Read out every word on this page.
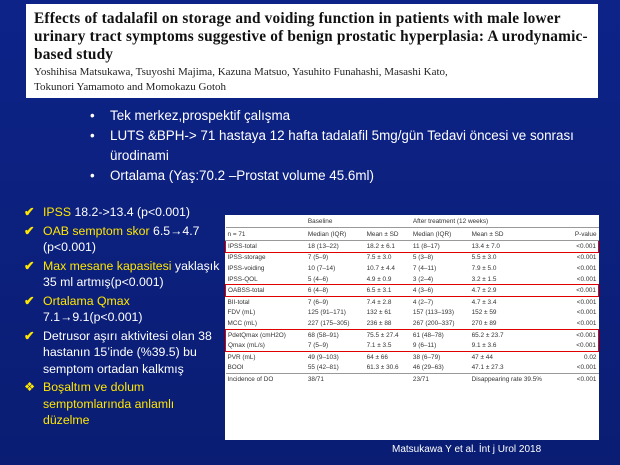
Effects of tadalafil on storage and voiding function in patients with male lower urinary tract symptoms suggestive of benign prostatic hyperplasia: A urodynamic-based study
Yoshihisa Matsukawa, Tsuyoshi Majima, Kazuna Matsuo, Yasuhito Funahashi, Masashi Kato,
Tokunori Yamamoto and Momokazu Gotoh
• Tek merkez,prospektif çalışma
• LUTS &BPH-> 71 hastaya 12 hafta tadalafil 5mg/gün Tedavi öncesi ve sonrası ürodinami
• Ortalama (Yaş:70.2 –Prostat volume 45.6ml)
✔ IPSS 18.2->13.4 (p<0.001)
✔ OAB semptom skor 6.5→4.7 (p<0.001)
✔ Max mesane kapasitesi yaklaşık 35 ml artmış(p<0.001)
✔ Ortalama Qmax 7.1→9.1(p<0.001)
✔ Detrusor aşırı aktivitesi olan 38 hastanın 15’inde (%39.5) bu semptom ortadan kalkmış
❖ Boşaltım ve dolum semptomlarında anlamlı düzelme
	Baseline		After treatment (12 weeks)		
n = 71	Median (IQR)	Mean ± SD	Median (IQR)	Mean ± SD	P-value
IPSS-total	18 (13–22)	18.2 ± 6.1	11 (8–17)	13.4 ± 7.0	<0.001
IPSS-storage	7 (5–9)	7.5 ± 3.0	5 (3–8)	5.5 ± 3.0	<0.001
IPSS-voiding	10 (7–14)	10.7 ± 4.4	7 (4–11)	7.9 ± 5.0	<0.001
IPSS-QOL	5 (4–6)	4.9 ± 0.9	3 (2–4)	3.2 ± 1.5	<0.001
OABSS-total	6 (4–8)	6.5 ± 3.1	4 (3–6)	4.7 ± 2.9	<0.001
BII-total	7 (6–9)	7.4 ± 2.8	4 (2–7)	4.7 ± 3.4	<0.001
FDV (mL)	125 (91–171)	132 ± 61	157 (113–193)	152 ± 59	<0.001
MCC (mL)	227 (175–305)	236 ± 88	267 (200–337)	270 ± 89	<0.001
PdetQmax (cmH2O)	68 (58–91)	75.5 ± 27.4	61 (48–78)	65.2 ± 23.7	<0.001
Qmax (mL/s)	7 (5–9)	7.1 ± 3.5	9 (6–11)	9.1 ± 3.6	<0.001
PVR (mL)	49 (9–103)	64 ± 66	38 (6–79)	47 ± 44	0.02
BOOI	55 (42–81)	61.3 ± 30.6	46 (29–63)	47.1 ± 27.3	<0.001
Incidence of DO	38/71		23/71	Disappearing rate 39.5%	<0.001
Matsukawa Y et al. İnt j Urol 2018
